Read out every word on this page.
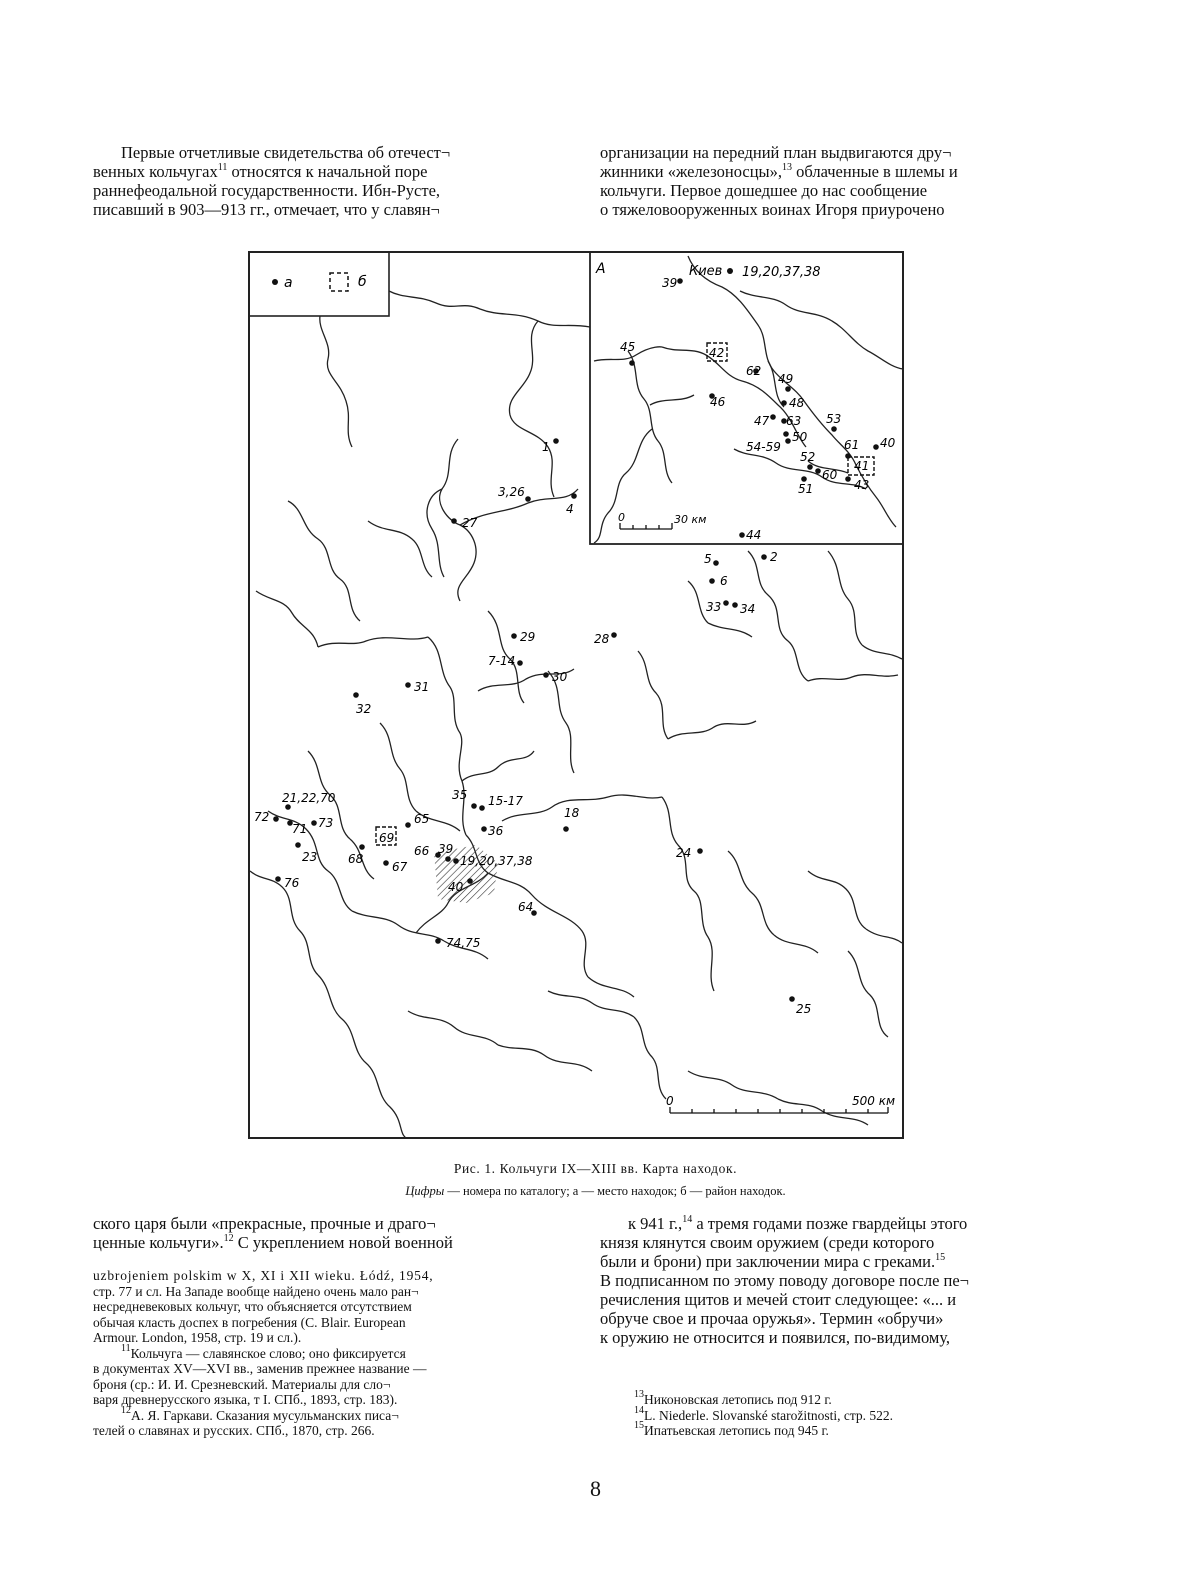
Первые отчетливые свидетельства об отечест¬

венных кольчугах$^{11}$ относятся к начальной поре

раннефеодальной государственности. Ибн-Русте,

писавший в 903—913 гг., отмечает, что у славян¬

организации на передний план выдвигаются дру¬

жинники «железоносцы»,$^{13}$ облаченные в шлемы и

кольчуги. Первое дошедшее до нас сообщение

о тяжеловооруженных воинах Игоря приурочено

а	б
А	Киев 19,20,37,38
39
45	42
62
49
48
46
47 63
50
54-59
53
61 40
52
60
41
51	43
44
0	30 км
1
3,26
4
27
5	2
6
33 34
29	28
7-14
30
31
32
21,22,70	35 15-17
18
72
71 73
69
65
36
23	68
66 39
67	19,20,37,38
40
24
76
64
74,75
25
0	500 км
Рис. 1. Кольчуги IX—XIII вв. Карта находок.
Цифры — номера по каталогу; а — место находок; б — район находок.

ского царя были «прекрасные, прочные и драго¬

ценные кольчуги».$^{12}$ С укреплением новой военной

uzbrojeniem polskim w X, XI i XII wieku. Łódź, 1954,

стр. 77 и сл. На Западе вообще найдено очень мало ран¬

несредневековых кольчуг, что объясняется отсутствием

обычая класть доспех в погребения (С. Blair. European

Armour. London, 1958, стр. 19 и сл.).

$^{11}$Кольчуга — славянское слово; оно фиксируется

в документах XV—XVI вв., заменив прежнее название —

броня (ср.: И. И. Срезневский. Материалы для сло¬

варя древнерусского языка, т I. СПб., 1893, стр. 183).

$^{12}$А. Я. Гаркави. Сказания мусульманских писа¬

телей о славянах и русских. СПб., 1870, стр. 266.

к 941 г.,$^{14}$ а тремя годами позже гвардейцы этого

князя клянутся своим оружием (среди которого

были и брони) при заключении мира с греками.$^{15}$

В подписанном по этому поводу договоре после пе¬

речисления щитов и мечей стоит следующее: «... и

обруче свое и прочаа оружья». Термин «обручи»

к оружию не относится и появился, по-видимому,

$^{13}$Никоновская летопись под 912 г.

$^{14}$L. Niederle. Slovanské starožitnosti, стр. 522.

$^{15}$Ипатьевская летопись под 945 г.

8
